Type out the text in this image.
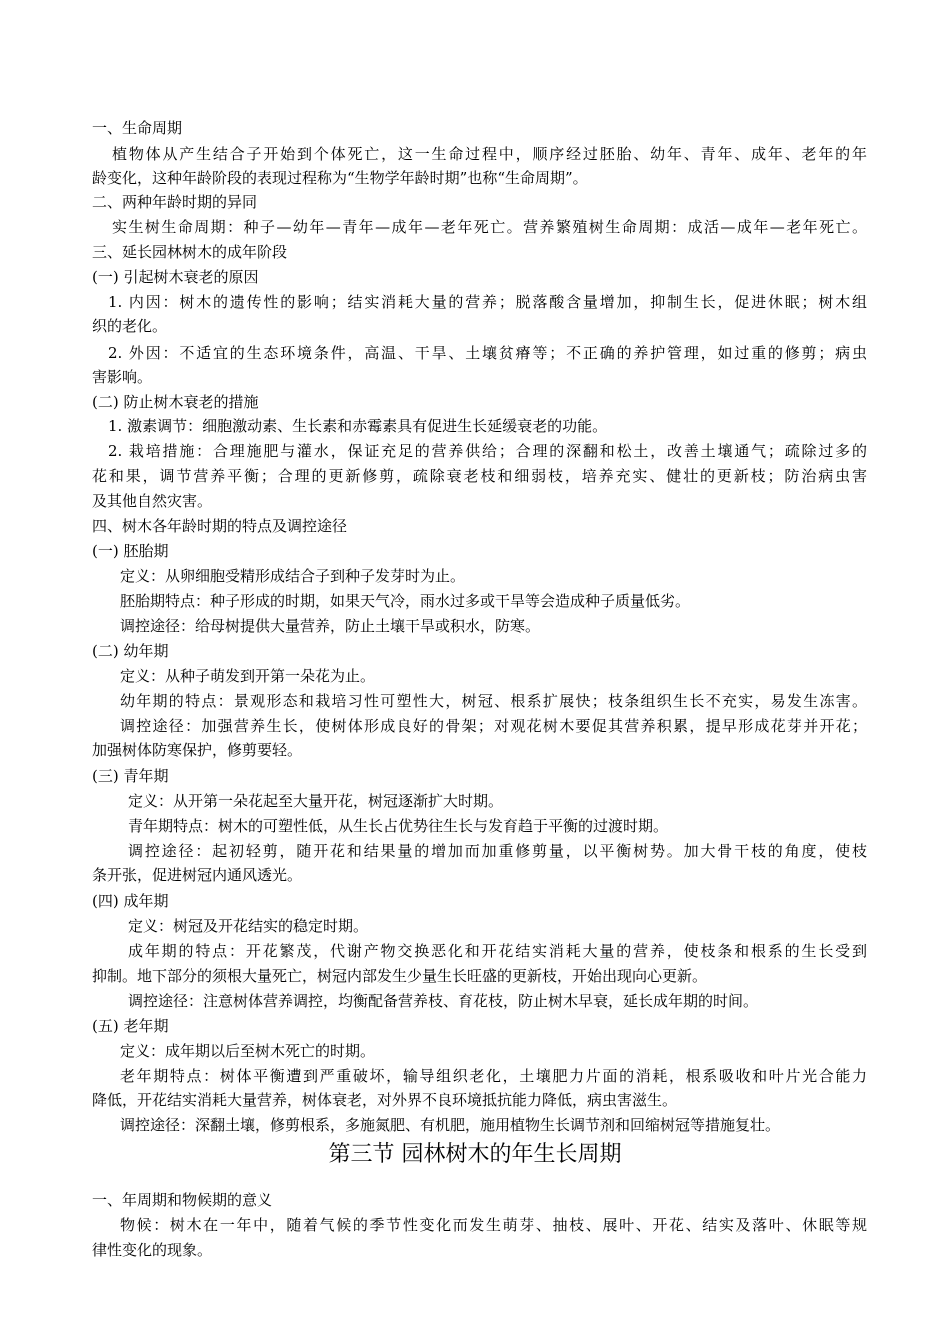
一、生命周期
植物体从产生结合子开始到个体死亡，这一生命过程中，顺序经过胚胎、幼年、青年、成年、老年的年
龄变化，这种年龄阶段的表现过程称为“生物学年龄时期”也称“生命周期”。
二、两种年龄时期的异同
实生树生命周期：种子—幼年—青年—成年—老年死亡。营养繁殖树生命周期：成活—成年—老年死亡。
三、延长园林树木的成年阶段
(一) 引起树木衰老的原因
1. 内因：树木的遗传性的影响；结实消耗大量的营养；脱落酸含量增加，抑制生长，促进休眠；树木组
织的老化。
2. 外因：不适宜的生态环境条件，高温、干旱、土壤贫瘠等；不正确的养护管理，如过重的修剪；病虫
害影响。
(二) 防止树木衰老的措施
1. 激素调节：细胞激动素、生长素和赤霉素具有促进生长延缓衰老的功能。
2. 栽培措施：合理施肥与灌水，保证充足的营养供给；合理的深翻和松土，改善土壤通气；疏除过多的
花和果，调节营养平衡；合理的更新修剪，疏除衰老枝和细弱枝，培养充实、健壮的更新枝；防治病虫害
及其他自然灾害。
四、树木各年龄时期的特点及调控途径
(一) 胚胎期
定义：从卵细胞受精形成结合子到种子发芽时为止。
胚胎期特点：种子形成的时期，如果天气冷，雨水过多或干旱等会造成种子质量低劣。
调控途径：给母树提供大量营养，防止土壤干旱或积水，防寒。
(二) 幼年期
定义：从种子萌发到开第一朵花为止。
幼年期的特点：景观形态和栽培习性可塑性大，树冠、根系扩展快；枝条组织生长不充实，易发生冻害。
调控途径：加强营养生长，使树体形成良好的骨架；对观花树木要促其营养积累，提早形成花芽并开花；
加强树体防寒保护，修剪要轻。
(三) 青年期
定义：从开第一朵花起至大量开花，树冠逐渐扩大时期。
青年期特点：树木的可塑性低，从生长占优势往生长与发育趋于平衡的过渡时期。
调控途径：起初轻剪，随开花和结果量的增加而加重修剪量，以平衡树势。加大骨干枝的角度，使枝
条开张，促进树冠内通风透光。
(四) 成年期
定义：树冠及开花结实的稳定时期。
成年期的特点：开花繁茂，代谢产物交换恶化和开花结实消耗大量的营养，使枝条和根系的生长受到
抑制。地下部分的须根大量死亡，树冠内部发生少量生长旺盛的更新枝，开始出现向心更新。
调控途径：注意树体营养调控，均衡配备营养枝、育花枝，防止树木早衰，延长成年期的时间。
(五) 老年期
定义：成年期以后至树木死亡的时期。
老年期特点：树体平衡遭到严重破坏，输导组织老化，土壤肥力片面的消耗，根系吸收和叶片光合能力
降低，开花结实消耗大量营养，树体衰老，对外界不良环境抵抗能力降低，病虫害滋生。
调控途径：深翻土壤，修剪根系，多施氮肥、有机肥，施用植物生长调节剂和回缩树冠等措施复壮。
第三节 园林树木的年生长周期
一、年周期和物候期的意义
物候：树木在一年中，随着气候的季节性变化而发生萌芽、抽枝、展叶、开花、结实及落叶、休眠等规
律性变化的现象。
